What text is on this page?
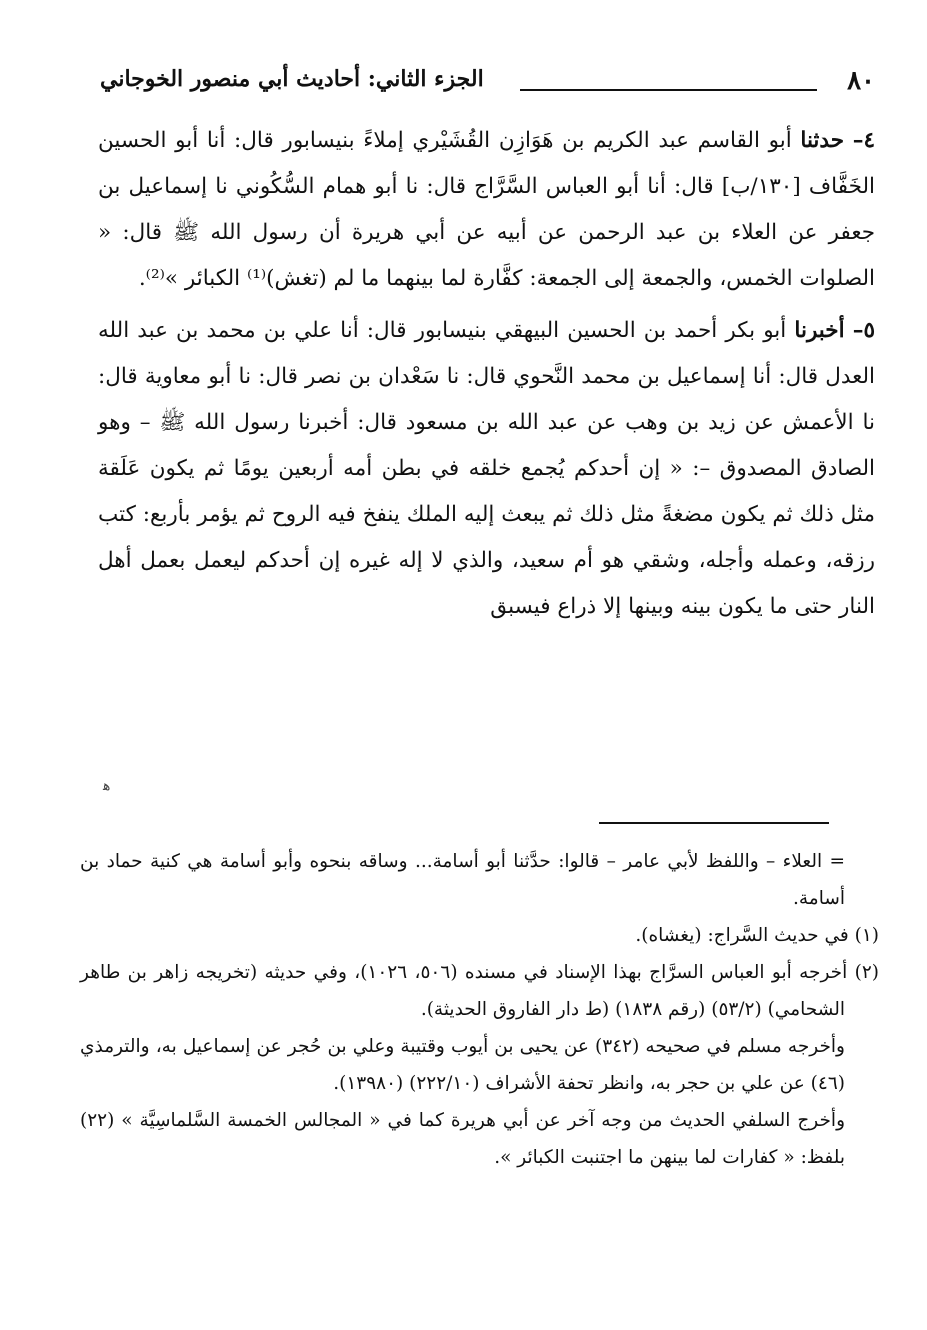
٨٠
الجزء الثاني: أحاديث أبي منصور الخوجاني

٤– حدثنا أبو القاسم عبد الكريم بن هَوَازِن القُشَيْري إملاءً بنيسابور قال: أنا أبو الحسين الخَفَّاف [١٣٠/ب] قال: أنا أبو العباس السَّرَّاج قال: نا أبو همام السُّكُوني نا إسماعيل بن جعفر عن العلاء بن عبد الرحمن عن أبيه عن أبي هريرة أن رسول الله ﷺ قال: « الصلوات الخمس، والجمعة إلى الجمعة: كفَّارة لما بينهما ما لم (تغش)⁽¹⁾ الكبائر »⁽²⁾.

٥– أخبرنا أبو بكر أحمد بن الحسين البيهقي بنيسابور قال: أنا علي بن محمد بن عبد الله العدل قال: أنا إسماعيل بن محمد النَّحوي قال: نا سَعْدان بن نصر قال: نا أبو معاوية قال: نا الأعمش عن زيد بن وهب عن عبد الله بن مسعود قال: أخبرنا رسول الله ﷺ – وهو الصادق المصدوق –: « إن أحدكم يُجمع خلقه في بطن أمه أربعين يومًا ثم يكون عَلَقة مثل ذلك ثم يكون مضغةً مثل ذلك ثم يبعث إليه الملك ينفخ فيه الروح ثم يؤمر بأربع: كتب رزقه، وعمله وأجله، وشقي هو أم سعيد، والذي لا إله غيره إن أحدكم ليعمل بعمل أهل النار حتى ما يكون بينه وبينها إلا ذراع فيسبق

ﻫ

= العلاء – واللفظ لأبي عامر – قالوا: حدَّثنا أبو أسامة... وساقه بنحوه وأبو أسامة هي كنية حماد بن أسامة.

(١) في حديث السَّراج: (يغشاه).

(٢) أخرجه أبو العباس السرَّاج بهذا الإسناد في مسنده (٥٠٦، ١٠٢٦)، وفي حديثه (تخريجه زاهر بن طاهر الشحامي) (٥٣/٢) (رقم ١٨٣٨) (ط دار الفاروق الحديثة).

وأخرجه مسلم في صحيحه (٣٤٢) عن يحيى بن أيوب وقتيبة وعلي بن حُجر عن إسماعيل به، والترمذي (٤٦) عن علي بن حجر به، وانظر تحفة الأشراف (٢٢٢/١٠) (١٣٩٨٠).

وأخرج السلفي الحديث من وجه آخر عن أبي هريرة كما في « المجالس الخمسة السَّلماسِيَّة » (٢٢) بلفظ: « كفارات لما بينهن ما اجتنبت الكبائر ».
